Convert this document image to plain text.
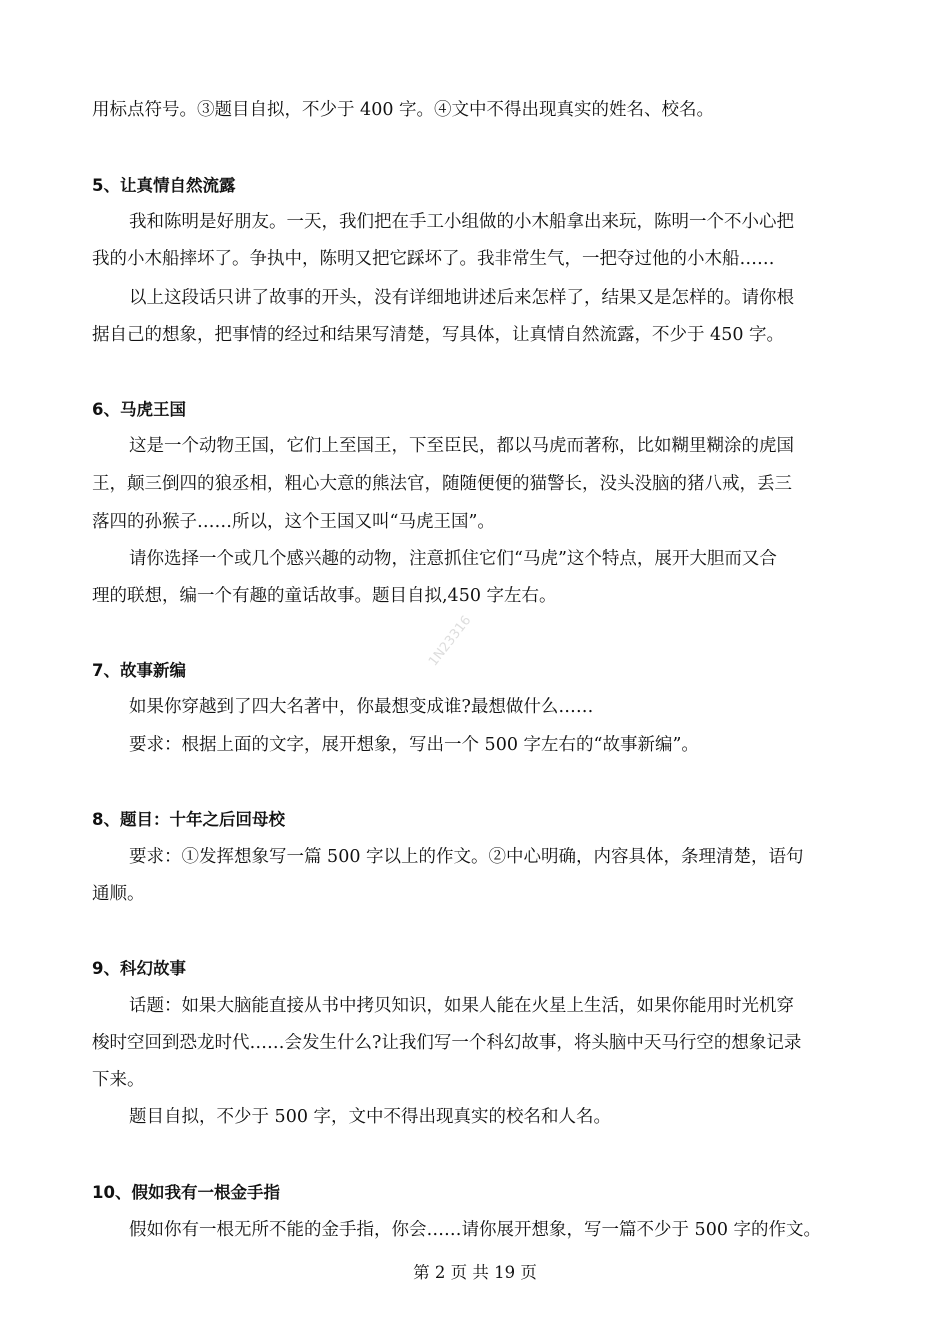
用标点符号。③题目自拟，不少于 400 字。④文中不得出现真实的姓名、校名。

5、让真情自然流露

我和陈明是好朋友。一天，我们把在手工小组做的小木船拿出来玩，陈明一个不小心把

我的小木船摔坏了。争执中，陈明又把它踩坏了。我非常生气，一把夺过他的小木船……

以上这段话只讲了故事的开头，没有详细地讲述后来怎样了，结果又是怎样的。请你根

据自己的想象，把事情的经过和结果写清楚，写具体，让真情自然流露，不少于 450 字。

6、马虎王国

这是一个动物王国，它们上至国王，下至臣民，都以马虎而著称，比如糊里糊涂的虎国

王，颠三倒四的狼丞相，粗心大意的熊法官，随随便便的猫警长，没头没脑的猪八戒，丢三

落四的孙猴子……所以，这个王国又叫“马虎王国”。

请你选择一个或几个感兴趣的动物，注意抓住它们“马虎”这个特点，展开大胆而又合

理的联想，编一个有趣的童话故事。题目自拟,450 字左右。

7、故事新编

如果你穿越到了四大名著中，你最想变成谁?最想做什么……

要求：根据上面的文字，展开想象，写出一个 500 字左右的“故事新编”。

8、题目：十年之后回母校

要求：①发挥想象写一篇 500 字以上的作文。②中心明确，内容具体，条理清楚，语句

通顺。

9、科幻故事

话题：如果大脑能直接从书中拷贝知识，如果人能在火星上生活，如果你能用时光机穿

梭时空回到恐龙时代……会发生什么?让我们写一个科幻故事，将头脑中天马行空的想象记录

下来。

题目自拟，不少于 500 字，文中不得出现真实的校名和人名。

10、假如我有一根金手指

假如你有一根无所不能的金手指，你会……请你展开想象，写一篇不少于 500 字的作文。

1N23316
第 2 页 共 19 页
